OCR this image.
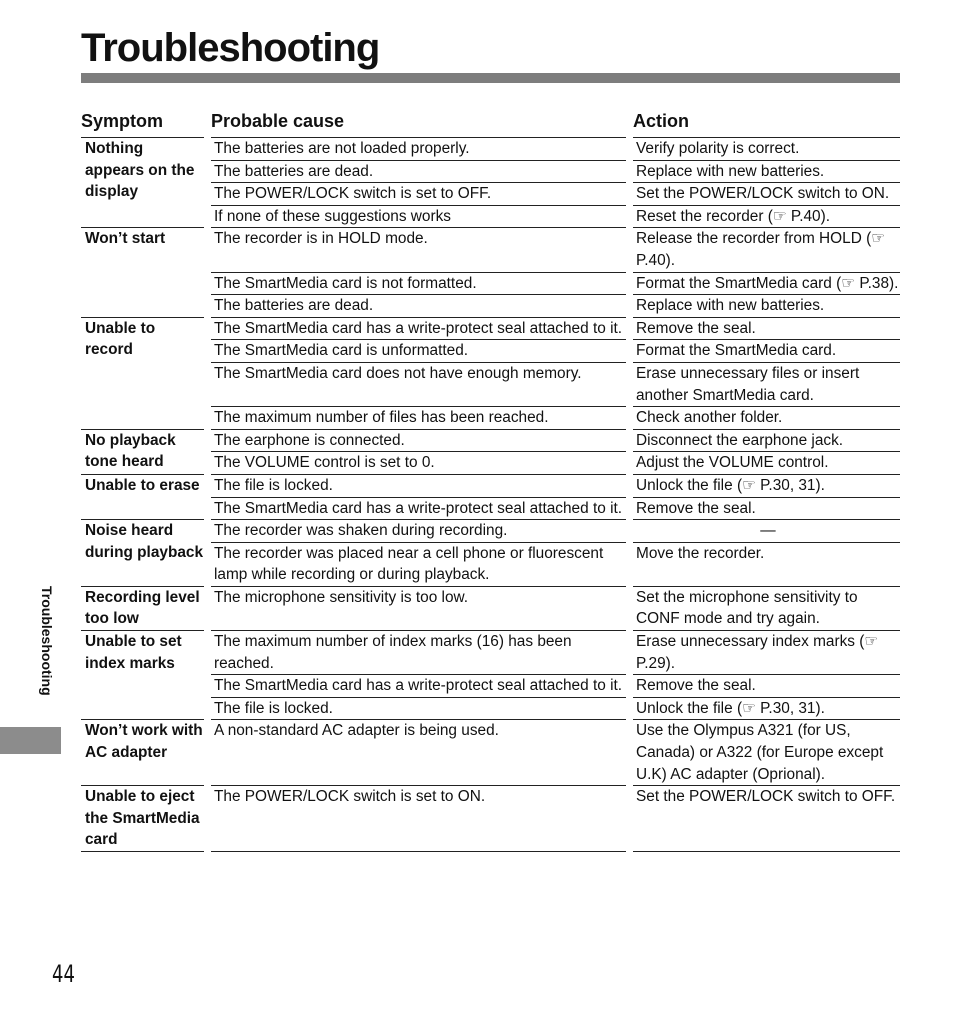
Troubleshooting
Symptom	Probable cause	Action
Nothing appears on the display		The batteries are not loaded properly.		Verify polarity is correct.
		The batteries are dead.		Replace with new batteries.
		The POWER/LOCK switch is set to OFF.		Set the POWER/LOCK switch to ON.
		If none of these suggestions works		Reset the recorder (☞ P.40).
Won’t start		The recorder is in HOLD mode.		Release the recorder from HOLD (☞ P.40).
		The SmartMedia card is not formatted.		Format the SmartMedia card (☞ P.38).
		The batteries are dead.		Replace with new batteries.
Unable to record		The SmartMedia card has a write-protect seal attached to it.		Remove the seal.
		The SmartMedia card is unformatted.		Format the SmartMedia card.
		The SmartMedia card does not have enough memory.		Erase unnecessary files or insert another SmartMedia card.
		The maximum number of files has been reached.		Check another folder.
No playback tone heard		The earphone is connected.		Disconnect the earphone jack.
		The VOLUME control is set to 0.		Adjust the VOLUME control.
Unable to erase		The file is locked.		Unlock the file (☞ P.30, 31).
		The SmartMedia card has a write-protect seal attached to it.		Remove the seal.
Noise heard during playback		The recorder was shaken during recording.		—
		The recorder was placed near a cell phone or fluorescent lamp while recording or during playback.		Move the recorder.
Recording level too low		The microphone sensitivity is too low.		Set the microphone sensitivity to CONF mode and try again.
Unable to set index marks		The maximum number of index marks (16) has been reached.		Erase unnecessary index marks (☞ P.29).
		The SmartMedia card has a write-protect seal attached to it.		Remove the seal.
		The file is locked.		Unlock the file (☞ P.30, 31).
Won’t work with AC adapter		A non-standard AC adapter is being used.		Use the Olympus A321 (for US, Canada) or A322 (for Europe except U.K) AC adapter (Oprional).
Unable to eject the SmartMedia card		The POWER/LOCK switch is set to ON.		Set the POWER/LOCK switch to OFF.
Troubleshooting
44
